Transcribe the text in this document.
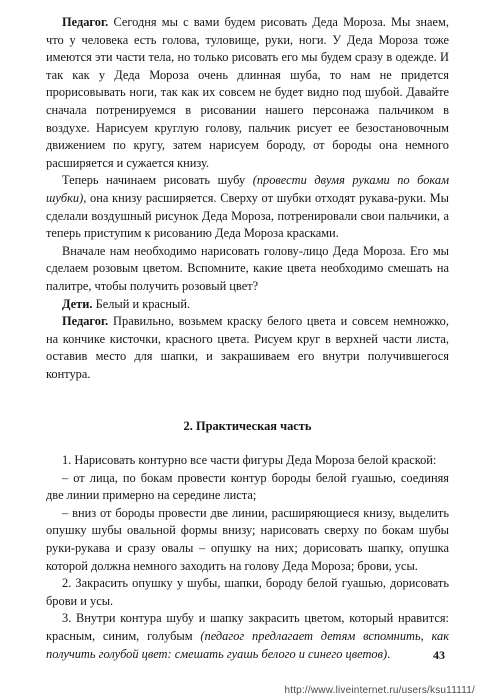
Педагог. Сегодня мы с вами будем рисовать Деда Мороза. Мы знаем, что у человека есть голова, туловище, руки, ноги. У Деда Мороза тоже имеются эти части тела, но только рисовать его мы будем сразу в одежде. И так как у Деда Мороза очень длинная шуба, то нам не придется прорисовывать ноги, так как их совсем не будет видно под шубой. Давайте сначала потренируемся в рисовании нашего персонажа пальчиком в воздухе. Нарисуем круглую голову, пальчик рисует ее безостановочным движением по кругу, затем нарисуем бороду, от бороды она немного расширяется и сужается книзу.

Теперь начинаем рисовать шубу (провести двумя руками по бокам шубки), она книзу расширяется. Сверху от шубки отходят рукава-руки. Мы сделали воздушный рисунок Деда Мороза, потренировали свои пальчики, а теперь приступим к рисованию Деда Мороза красками.

Вначале нам необходимо нарисовать голову-лицо Деда Мороза. Его мы сделаем розовым цветом. Вспомните, какие цвета необходимо смешать на палитре, чтобы получить розовый цвет?

Дети. Белый и красный.

Педагог. Правильно, возьмем краску белого цвета и совсем немножко, на кончике кисточки, красного цвета. Рисуем круг в верхней части листа, оставив место для шапки, и закрашиваем его внутри получившегося контура.

2. Практическая часть

1. Нарисовать контурно все части фигуры Деда Мороза белой краской:

– от лица, по бокам провести контур бороды белой гуашью, соединяя две линии примерно на середине листа;

– вниз от бороды провести две линии, расширяющиеся книзу, выделить опушку шубы овальной формы внизу; нарисовать сверху по бокам шубы руки-рукава и сразу овалы – опушку на них; дорисовать шапку, опушка которой должна немного заходить на голову Деда Мороза; брови, усы.

2. Закрасить опушку у шубы, шапки, бороду белой гуашью, дорисовать брови и усы.

3. Внутри контура шубу и шапку закрасить цветом, который нравится: красным, синим, голубым (педагог предлагает детям вспомнить, как получить голубой цвет: смешать гуашь белого и синего цветов).	43
http://www.liveinternet.ru/users/ksu11111/
